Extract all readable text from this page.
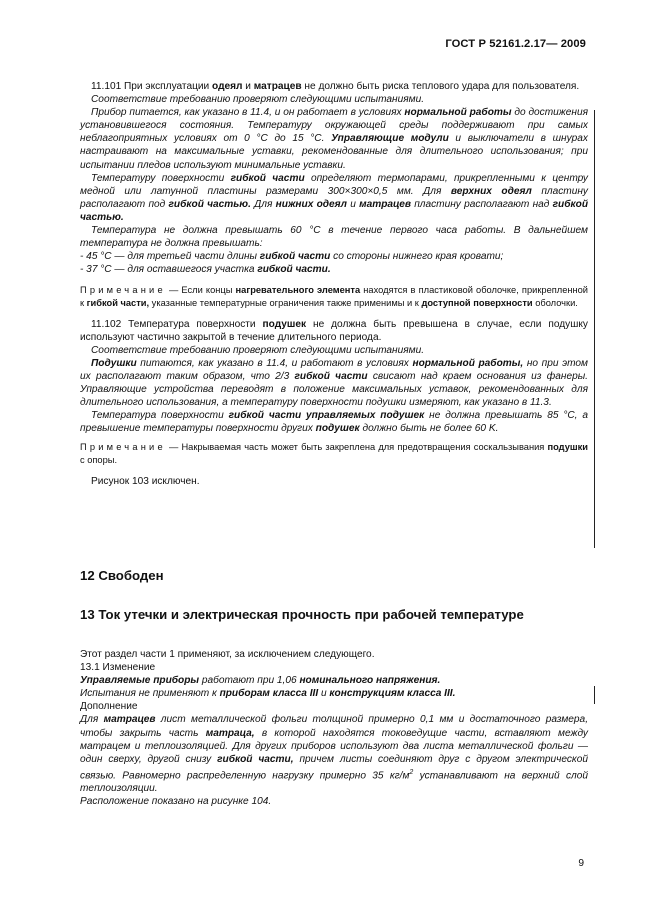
ГОСТ Р 52161.2.17— 2009

11.101 При эксплуатации одеял и матрацев не должно быть риска теплового удара для пользователя.

Соответствие требованию проверяют следующими испытаниями.

Прибор питается, как указано в 11.4, и он работает в условиях нормальной работы до достижения установившегося состояния. Температуру окружающей среды поддерживают при самых неблагоприятных условиях от 0 °С до 15 °С. Управляющие модули и выключатели в шнурах настраивают на максимальные уставки, рекомендованные для длительного использования; при испытании пледов используют минимальные уставки.

Температуру поверхности гибкой части определяют термопарами, прикрепленными к центру медной или латунной пластины размерами 300×300×0,5 мм. Для верхних одеял пластину располагают под гибкой частью. Для нижних одеял и матрацев пластину располагают над гибкой частью.

Температура не должна превышать 60 °С в течение первого часа работы. В дальнейшем температура не должна превышать:

- 45 °С — для третьей части длины гибкой части со стороны нижнего края кровати;

- 37 °С — для оставшегося участка гибкой части.

Примечание — Если концы нагревательного элемента находятся в пластиковой оболочке, прикрепленной к гибкой части, указанные температурные ограничения также применимы и к доступной поверхности оболочки.

11.102 Температура поверхности подушек не должна быть превышена в случае, если подушку используют частично закрытой в течение длительного периода.

Соответствие требованию проверяют следующими испытаниями.

Подушки питаются, как указано в 11.4, и работают в условиях нормальной работы, но при этом их располагают таким образом, что 2/3 гибкой части свисают над краем основания из фанеры. Управляющие устройства переводят в положение максимальных уставок, рекомендованных для длительного использования, а температуру поверхности подушки измеряют, как указано в 11.3.

Температура поверхности гибкой части управляемых подушек не должна превышать 85 °С, а превышение температуры поверхности других подушек должно быть не более 60 K.

Примечание — Накрываемая часть может быть закреплена для предотвращения соскальзывания подушки с опоры.

Рисунок 103 исключен.

12 Свободен
13 Ток утечки и электрическая прочность при рабочей температуре

Этот раздел части 1 применяют, за исключением следующего.

13.1 Изменение

Управляемые приборы работают при 1,06 номинального напряжения.

Испытания не применяют к приборам класса III и конструкциям класса III.

Дополнение

Для матрацев лист металлической фольги толщиной примерно 0,1 мм и достаточного размера, чтобы закрыть часть матраца, в которой находятся токоведущие части, вставляют между матрацем и теплоизоляцией. Для других приборов используют два листа металлической фольги — один сверху, другой снизу гибкой части, причем листы соединяют друг с другом электрической связью. Равномерно распределенную нагрузку примерно 35 $кг/м^2$ устанавливают на верхний слой теплоизоляции.

Расположение показано на рисунке 104.

9
